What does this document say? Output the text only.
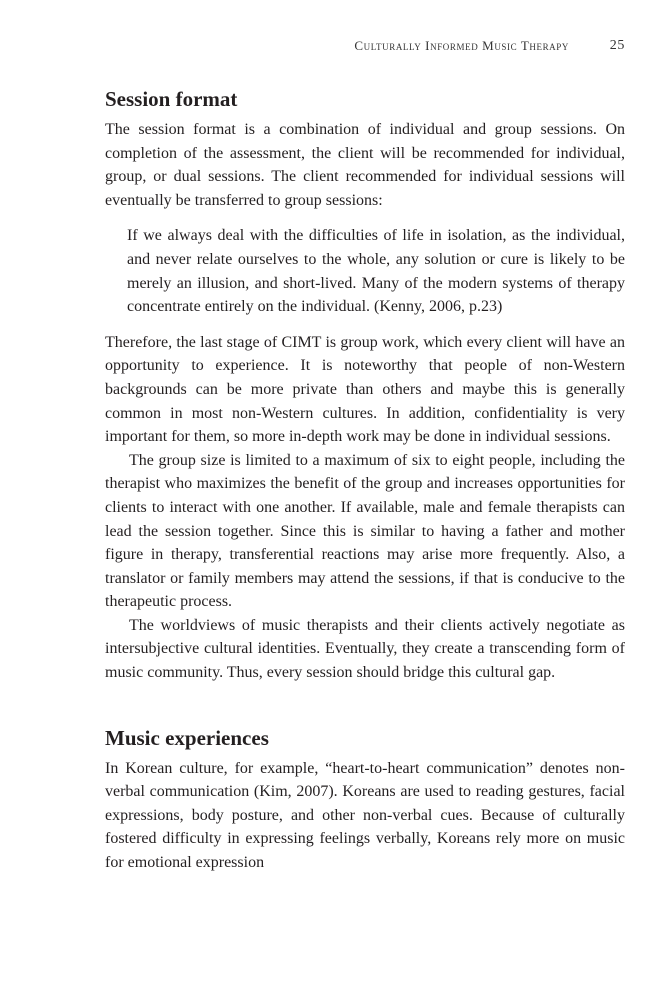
Culturally Informed Music Therapy	25
Session format

The session format is a combination of individual and group sessions. On completion of the assessment, the client will be recommended for individual, group, or dual sessions. The client recommended for individual sessions will eventually be transferred to group sessions:

If we always deal with the difficulties of life in isolation, as the individual, and never relate ourselves to the whole, any solution or cure is likely to be merely an illusion, and short-lived. Many of the modern systems of therapy concentrate entirely on the individual. (Kenny, 2006, p.23)

Therefore, the last stage of CIMT is group work, which every client will have an opportunity to experience. It is noteworthy that people of non-Western backgrounds can be more private than others and maybe this is generally common in most non-Western cultures. In addition, confidentiality is very important for them, so more in-depth work may be done in individual sessions.

The group size is limited to a maximum of six to eight people, including the therapist who maximizes the benefit of the group and increases opportunities for clients to interact with one another. If available, male and female therapists can lead the session together. Since this is similar to having a father and mother figure in therapy, transferential reactions may arise more frequently. Also, a translator or family members may attend the sessions, if that is conducive to the therapeutic process.

The worldviews of music therapists and their clients actively negotiate as intersubjective cultural identities. Eventually, they create a transcending form of music community. Thus, every session should bridge this cultural gap.

Music experiences

In Korean culture, for example, “heart-to-heart communication” denotes non-verbal communication (Kim, 2007). Koreans are used to reading gestures, facial expressions, body posture, and other non-verbal cues. Because of culturally fostered difficulty in expressing feelings verbally, Koreans rely more on music for emotional expression
